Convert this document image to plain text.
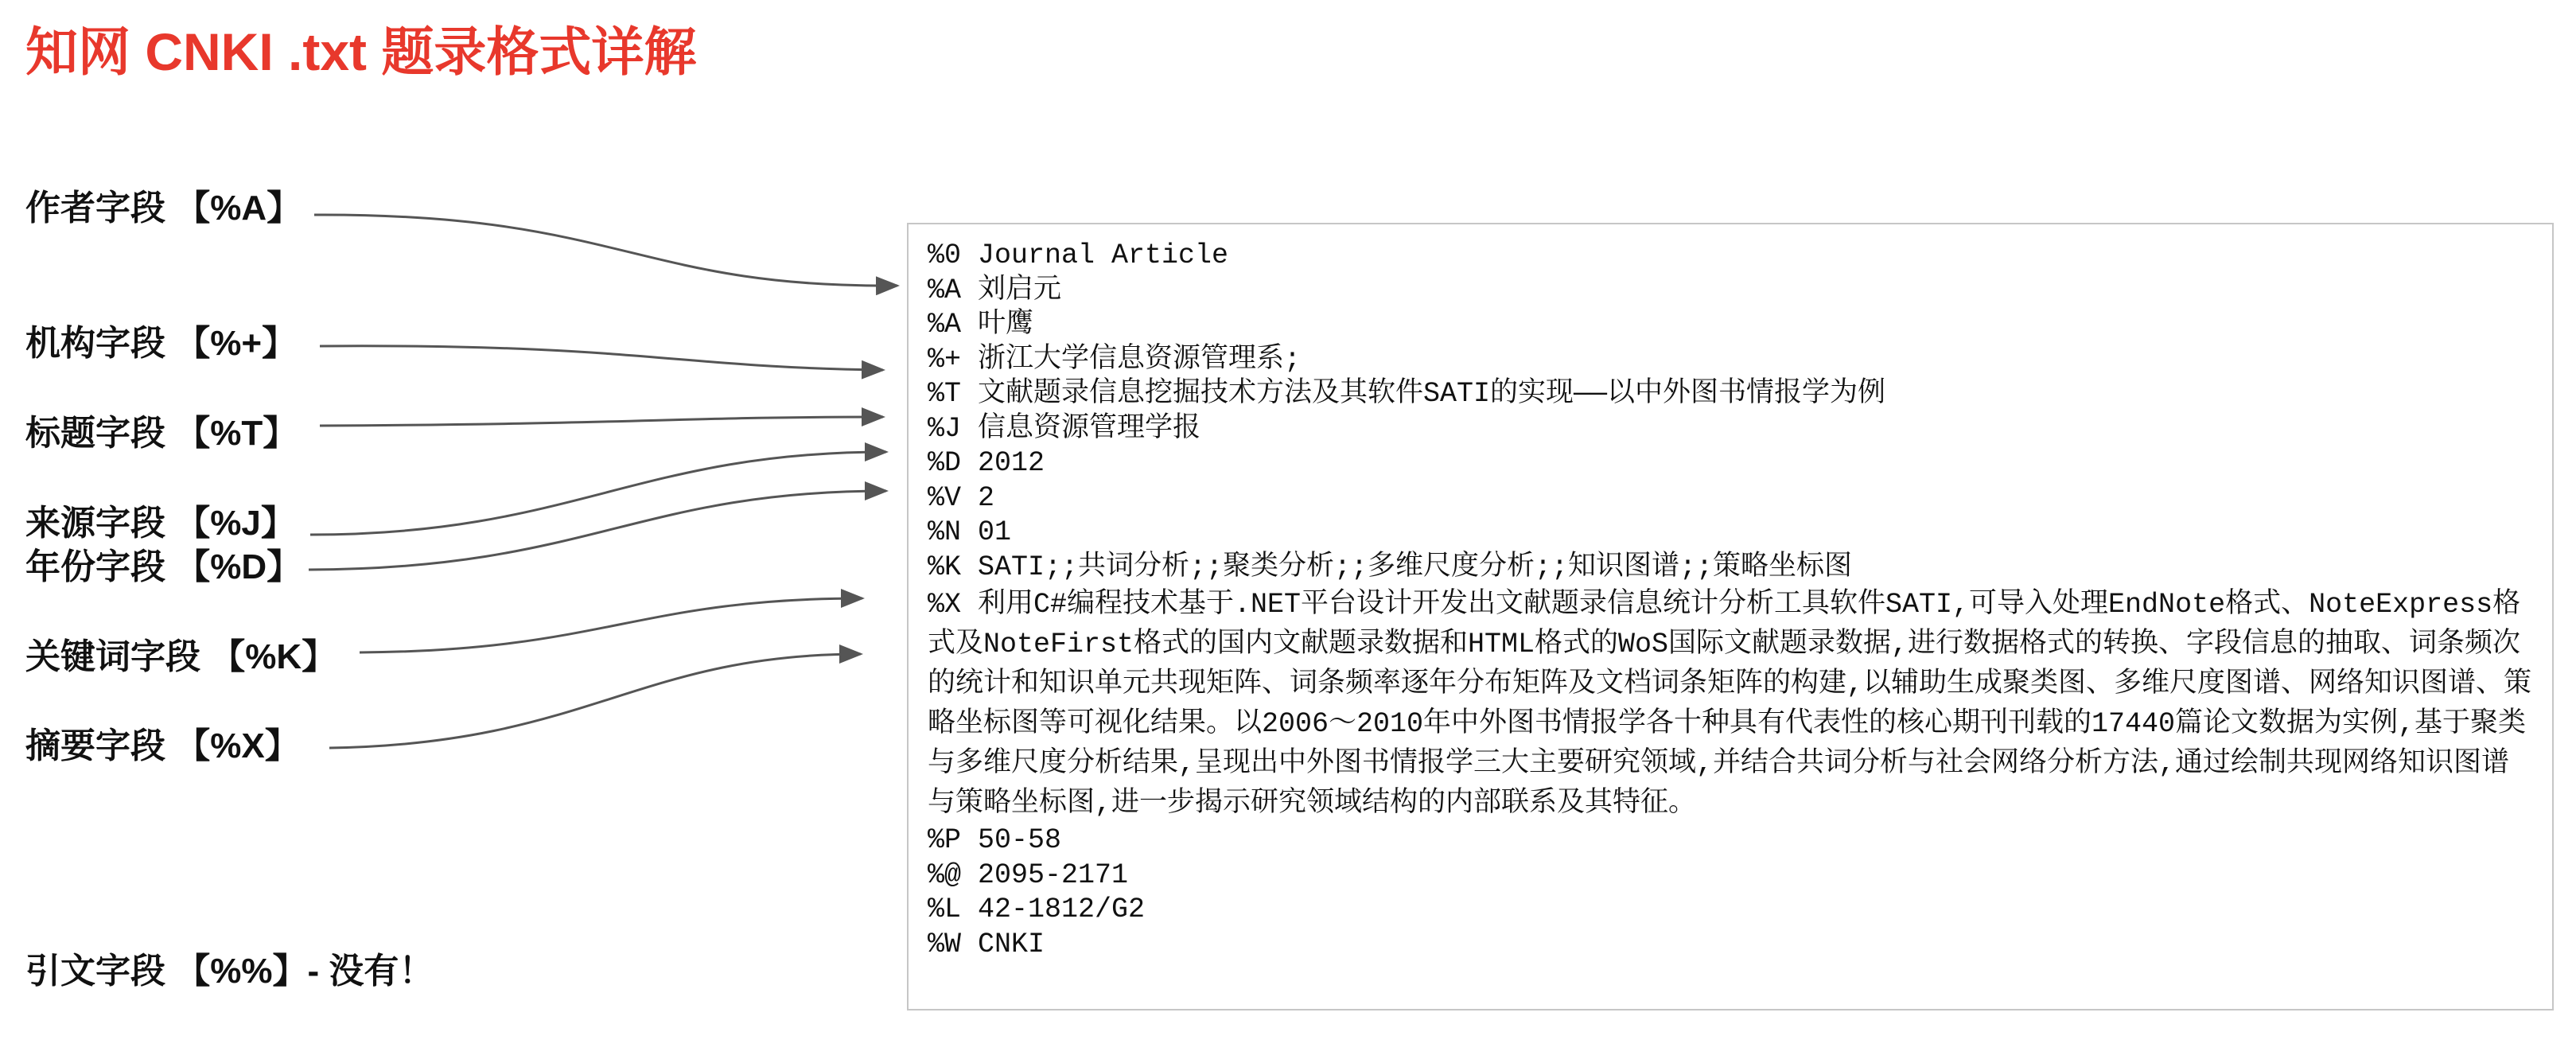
知网 CNKI .txt 题录格式详解
作者字段 【%A】
机构字段 【%+】
标题字段 【%T】
来源字段 【%J】
年份字段 【%D】
关键词字段 【%K】
摘要字段 【%X】
引文字段 【%%】- 没有！
%0 Journal Article
%A 刘启元
%A 叶鹰
%+ 浙江大学信息资源管理系;
%T 文献题录信息挖掘技术方法及其软件SATI的实现——以中外图书情报学为例
%J 信息资源管理学报
%D 2012
%V 2
%N 01
%K SATI;;共词分析;;聚类分析;;多维尺度分析;;知识图谱;;策略坐标图
%X 利用C#编程技术基于.NET平台设计开发出文献题录信息统计分析工具软件SATI,可导入处理EndNote格式、NoteExpress格式及NoteFirst格式的国内文献题录数据和HTML格式的WoS国际文献题录数据,进行数据格式的转换、字段信息的抽取、词条频次的统计和知识单元共现矩阵、词条频率逐年分布矩阵及文档词条矩阵的构建,以辅助生成聚类图、多维尺度图谱、网络知识图谱、策略坐标图等可视化结果。以2006～2010年中外图书情报学各十种具有代表性的核心期刊刊载的17440篇论文数据为实例,基于聚类与多维尺度分析结果,呈现出中外图书情报学三大主要研究领域,并结合共词分析与社会网络分析方法,通过绘制共现网络知识图谱与策略坐标图,进一步揭示研究领域结构的内部联系及其特征。
%P 50-58
%@ 2095-2171
%L 42-1812/G2
%W CNKI
